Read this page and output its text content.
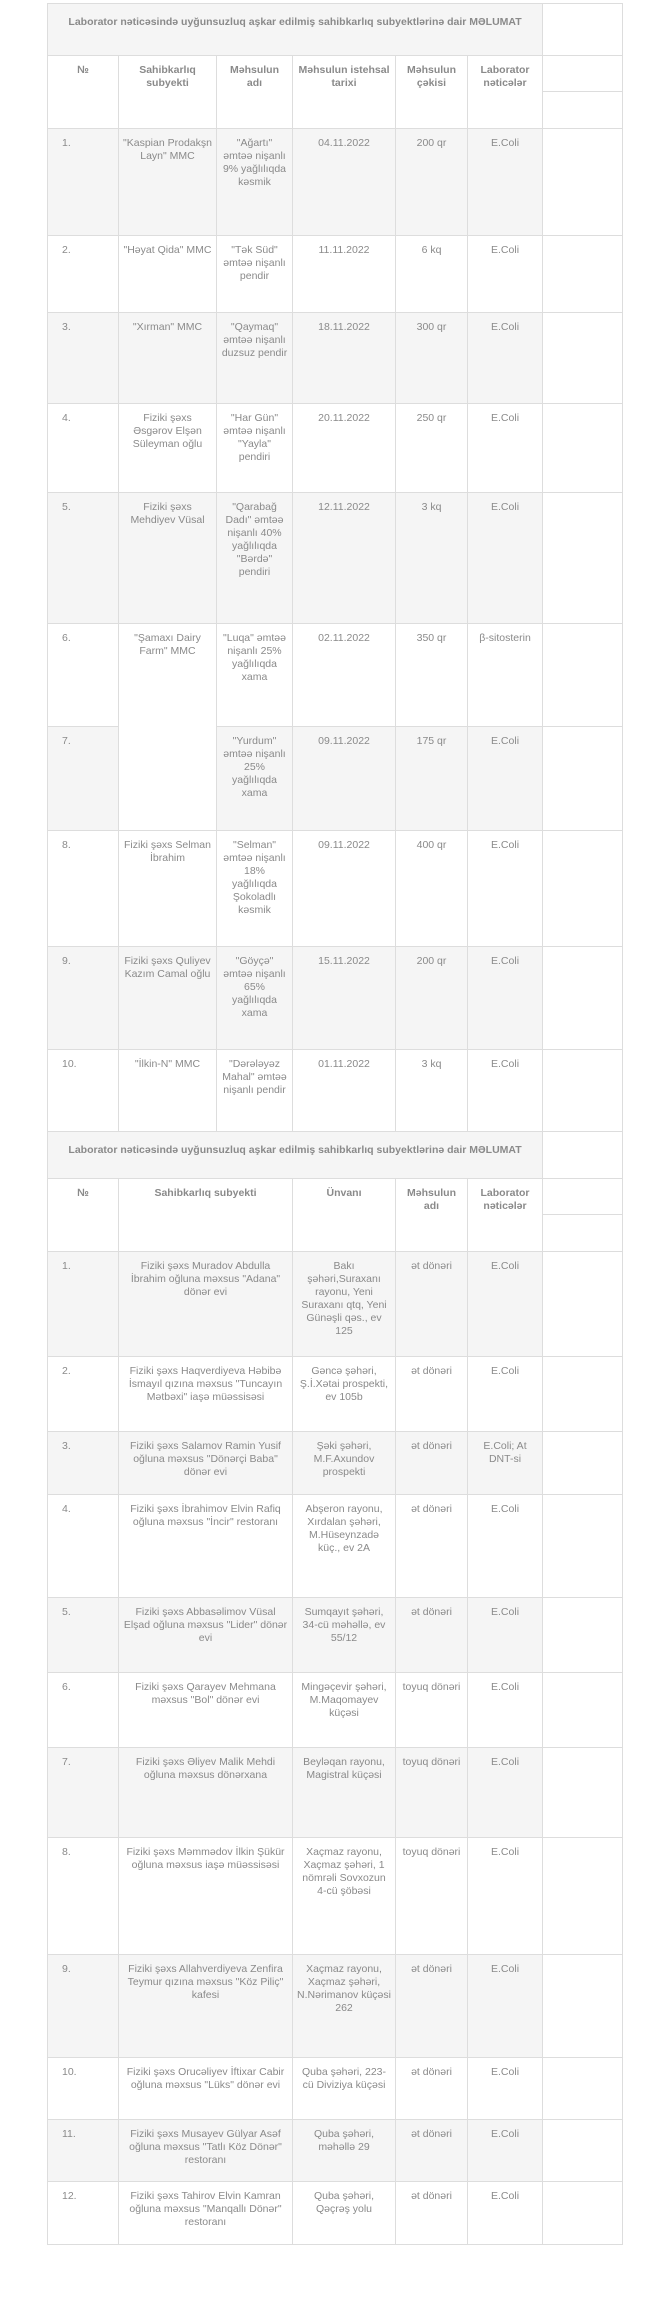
Laborator nəticəsində uyğunsuzluq aşkar edilmiş sahibkarlıq subyektlərinə dair MƏLUMAT						
№	Sahibkarlıq subyekti	Məhsulun adı	Məhsulun istehsal tarixi	Məhsulun çəkisi	Laborator nəticələr	

1.	"Kaspian Prodakşn Layn" MMC	"Ağartı" əmtəə nişanlı 9% yağlılıqda kəsmik	04.11.2022	200 qr	E.Coli	
2.	"Həyat Qida" MMC	"Tək Süd" əmtəə nişanlı pendir	11.11.2022	6 kq	E.Coli	
3.	"Xırman" MMC	"Qaymaq" əmtəə nişanlı duzsuz pendir	18.11.2022	300 qr	E.Coli	
4.	Fiziki şəxs Əsgərov Elşən Süleyman oğlu	"Har Gün" əmtəə nişanlı "Yayla" pendiri	20.11.2022	250 qr	E.Coli	
5.	Fiziki şəxs Mehdiyev Vüsal	"Qarabağ Dadı" əmtəə nişanlı 40% yağlılıqda "Bərdə" pendiri	12.11.2022	3 kq	E.Coli	
6.	"Şamaxı Dairy Farm" MMC	"Luqa" əmtəə nişanlı 25% yağlılıqda xama	02.11.2022	350 qr	β-sitosterin	
7.		"Yurdum" əmtəə nişanlı 25% yağlılıqda xama	09.11.2022	175 qr	E.Coli	
8.	Fiziki şəxs Selman İbrahim	"Selman" əmtəə nişanlı 18% yağlılıqda Şokoladlı kəsmik	09.11.2022	400 qr	E.Coli	
9.	Fiziki şəxs Quliyev Kazım Camal oğlu	"Göyçə" əmtəə nişanlı 65% yağlılıqda xama	15.11.2022	200 qr	E.Coli	
10.	"İlkin-N" MMC	"Dərələyəz Mahal" əmtəə nişanlı pendir	01.11.2022	3 kq	E.Coli	
Laborator nəticəsində uyğunsuzluq aşkar edilmiş sahibkarlıq subyektlərinə dair MƏLUMAT					
№	Sahibkarlıq subyekti	Ünvanı	Məhsulun adı	Laborator nəticələr	

1.	Fiziki şəxs Muradov Abdulla İbrahim oğluna məxsus "Adana" dönər evi	Bakı şəhəri,Suraxanı rayonu, Yeni Suraxanı qtq, Yeni Günəşli qəs., ev 125	ət dönəri	E.Coli	
2.	Fiziki şəxs Haqverdiyeva Həbibə İsmayıl qızına məxsus "Tuncayın Mətbəxi" iaşə müəssisəsi	Gəncə şəhəri, Ş.İ.Xətai prospekti, ev 105b	ət dönəri	E.Coli	
3.	Fiziki şəxs Salamov Ramin Yusif oğluna məxsus "Dönərçi Baba" dönər evi	Şəki şəhəri, M.F.Axundov prospekti	ət dönəri	E.Coli; At DNT-si	
4.	Fiziki şəxs İbrahimov Elvin Rafiq oğluna məxsus "İncir" restoranı	Abşeron rayonu, Xırdalan şəhəri, M.Hüseynzadə küç., ev 2A	ət dönəri	E.Coli	
5.	Fiziki şəxs Abbasəlimov Vüsal Elşad oğluna məxsus "Lider" dönər evi	Sumqayıt şəhəri, 34-cü məhəllə, ev 55/12	ət dönəri	E.Coli	
6.	Fiziki şəxs Qarayev Mehmana məxsus "Bol" dönər evi	Mingəçevir şəhəri, M.Maqomayev küçəsi	toyuq dönəri	E.Coli	
7.	Fiziki şəxs Əliyev Malik Mehdi oğluna məxsus dönərxana	Beyləqan rayonu, Magistral küçəsi	toyuq dönəri	E.Coli	
8.	Fiziki şəxs Məmmədov İlkin Şükür oğluna məxsus iaşə müəssisəsi	Xaçmaz rayonu, Xaçmaz şəhəri, 1 nömrəli Sovxozun 4-cü şöbəsi	toyuq dönəri	E.Coli	
9.	Fiziki şəxs Allahverdiyeva Zenfira Teymur qızına məxsus "Köz Piliç" kafesi	Xaçmaz rayonu, Xaçmaz şəhəri, N.Nərimanov küçəsi 262	ət dönəri	E.Coli	
10.	Fiziki şəxs Orucəliyev İftixar Cabir oğluna məxsus "Lüks" dönər evi	Quba şəhəri, 223-cü Diviziya küçəsi	ət dönəri	E.Coli	
11.	Fiziki şəxs Musayev Gülyar Asəf oğluna məxsus "Tatlı Köz Dönər" restoranı	Quba şəhəri, məhəllə 29	ət dönəri	E.Coli	
12.	Fiziki şəxs Tahirov Elvin Kamran oğluna məxsus "Manqallı Dönər" restoranı	Quba şəhəri, Qəçrəş yolu	ət dönəri	E.Coli	
